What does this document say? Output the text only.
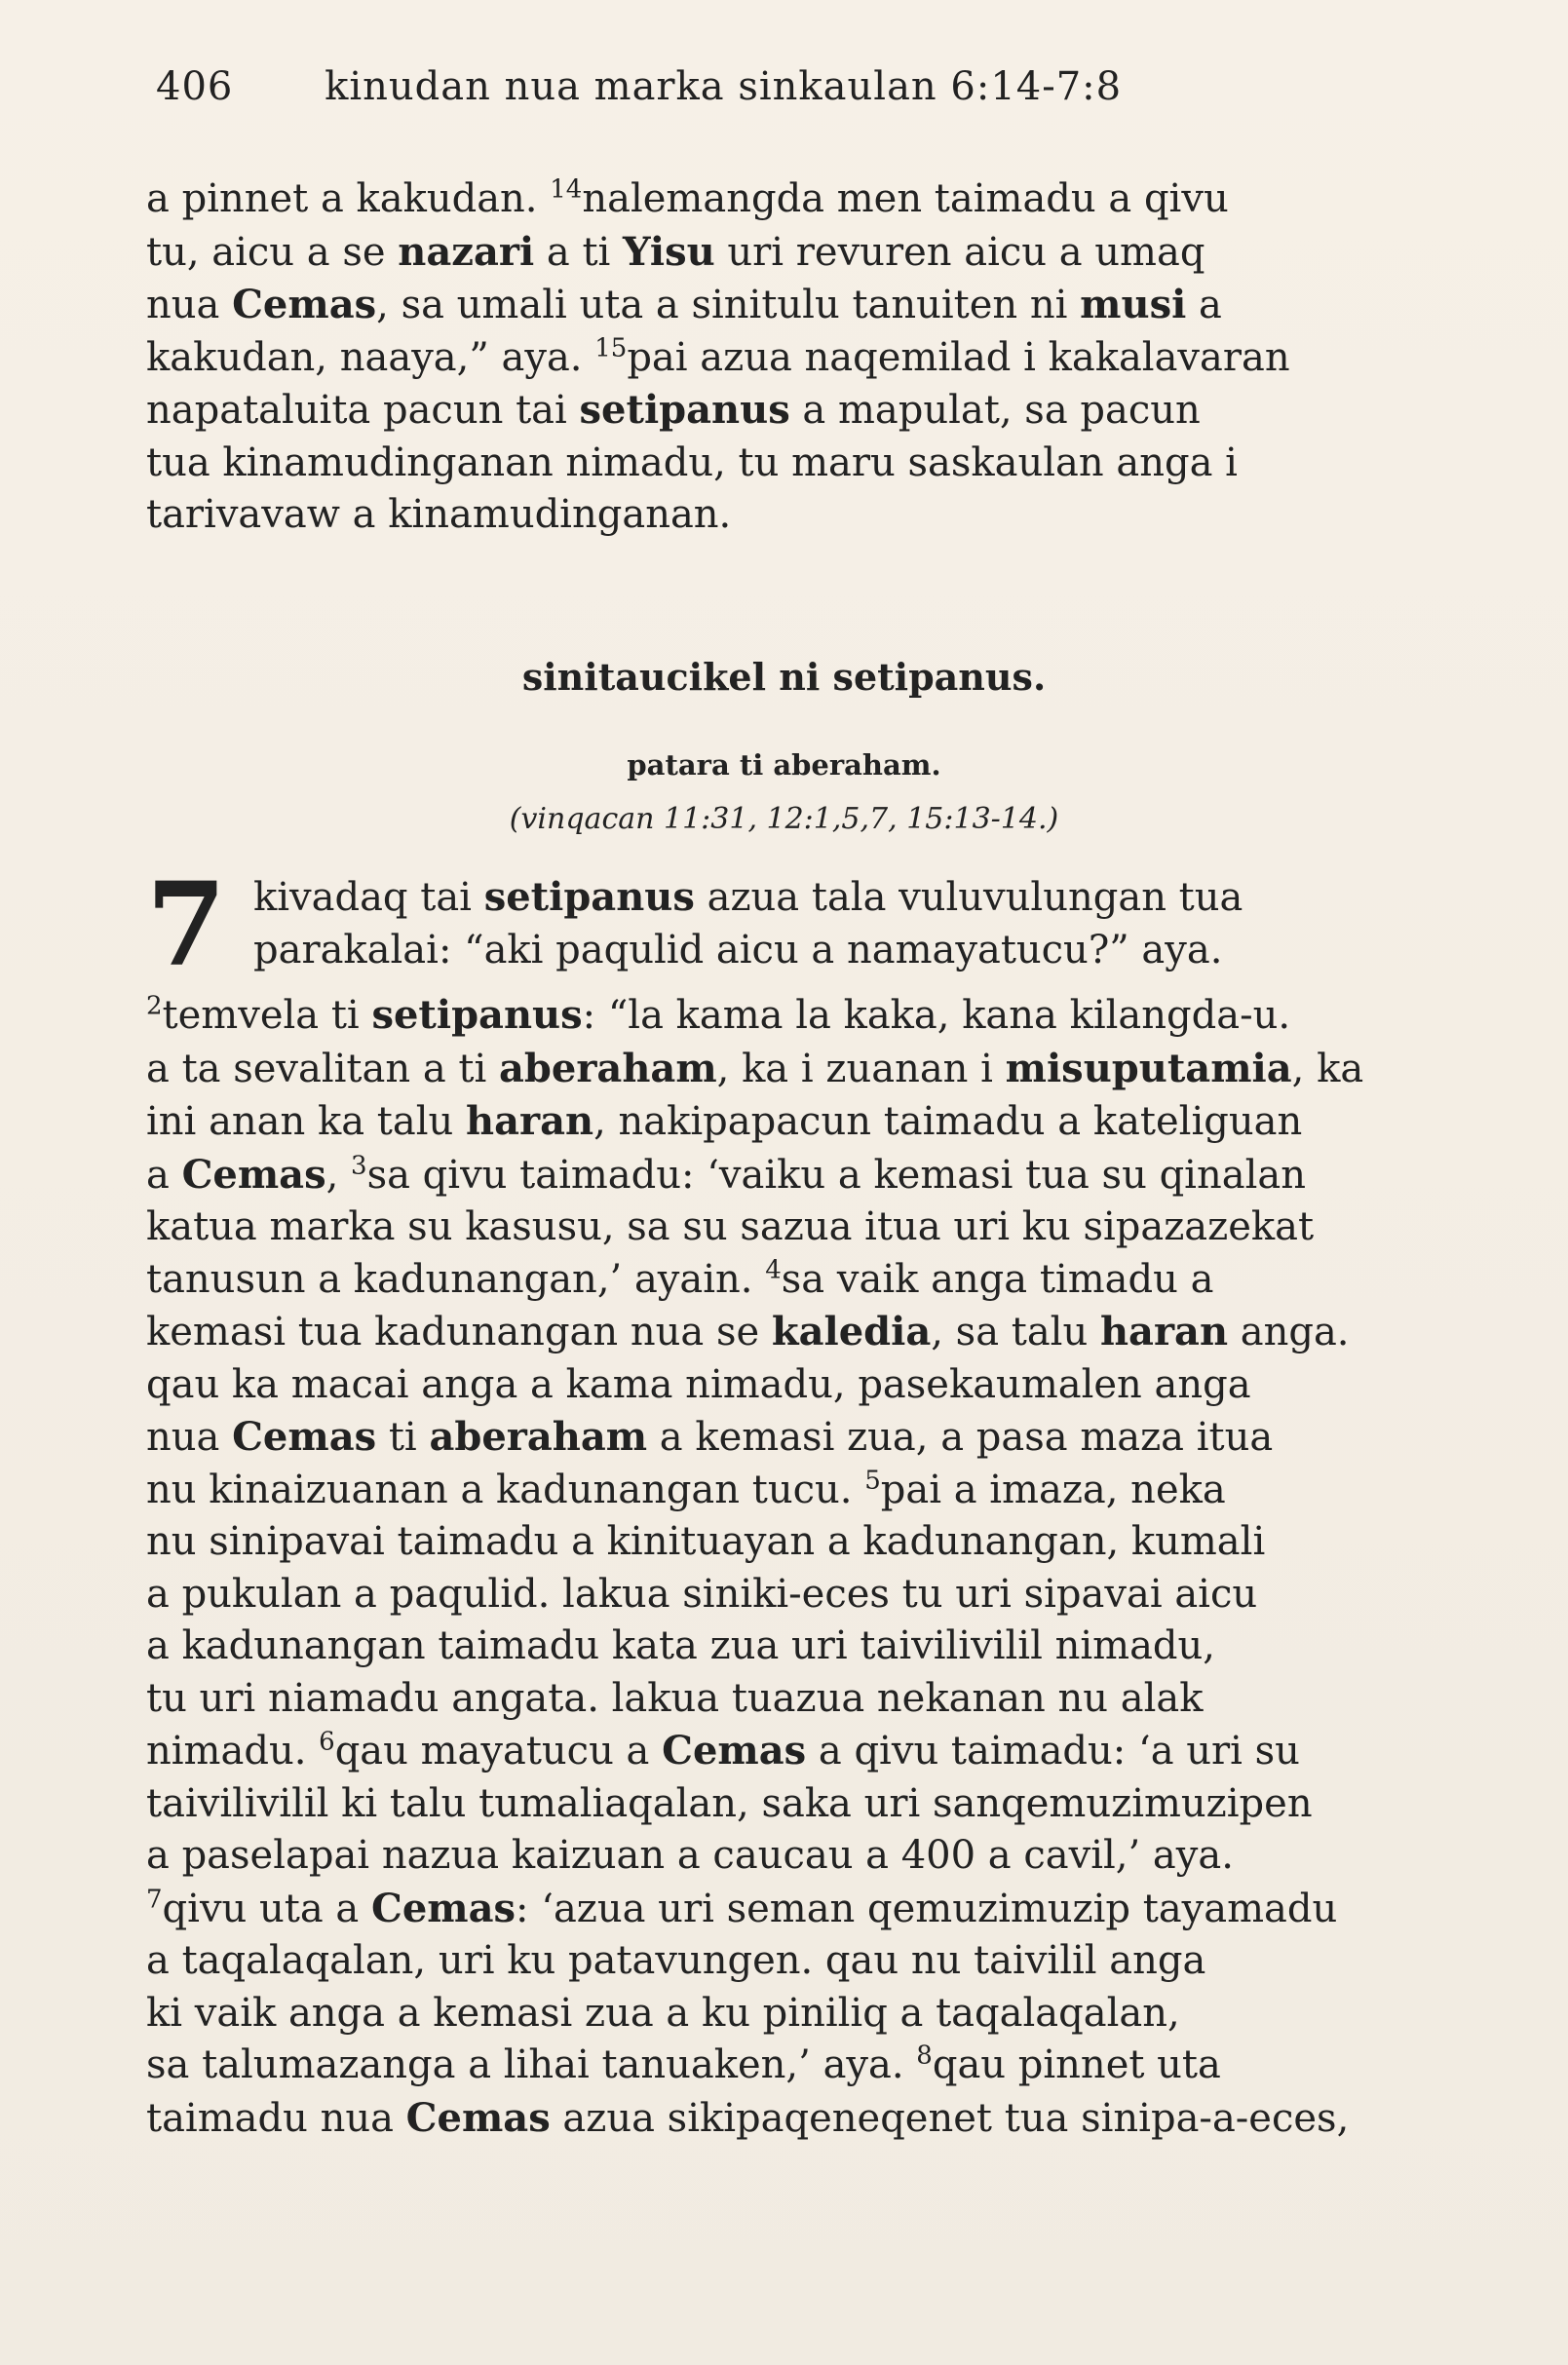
406 kinudan nua marka sinkaulan 6:14-7:8
a pinnet a kakudan. $^{14}$nalemangda men taimadu a qivu
tu, aicu a se nazari a ti Yisu uri revuren aicu a umaq
nua Cemas, sa umali uta a sinitulu tanuiten ni musi a
kakudan, naaya,” aya. $^{15}$pai azua naqemilad i kakalavaran
napataluita pacun tai setipanus a mapulat, sa pacun
tua kinamudinganan nimadu, tu maru saskaulan anga i
tarivavaw a kinamudinganan.
sinitaucikel ni setipanus.
patara ti aberaham.
(vinqacan 11:31, 12:1,5,7, 15:13-14.)
7 kivadaq tai setipanus azua tala vuluvulungan tua
parakalai: “aki paqulid aicu a namayatucu?” aya.
$^2$temvela ti setipanus: “la kama la kaka, kana kilangda-u.
a ta sevalitan a ti aberaham, ka i zuanan i misuputamia, ka
ini anan ka talu haran, nakipapacun taimadu a kateliguan
a Cemas, $^3$sa qivu taimadu: ‘vaiku a kemasi tua su qinalan
katua marka su kasusu, sa su sazua itua uri ku sipazazekat
tanusun a kadunangan,’ ayain. $^4$sa vaik anga timadu a
kemasi tua kadunangan nua se kaledia, sa talu haran anga.
qau ka macai anga a kama nimadu, pasekaumalen anga
nua Cemas ti aberaham a kemasi zua, a pasa maza itua
nu kinaizuanan a kadunangan tucu. $^5$pai a imaza, neka
nu sinipavai taimadu a kinituayan a kadunangan, kumali
a pukulan a paqulid. lakua siniki-eces tu uri sipavai aicu
a kadunangan taimadu kata zua uri taivilivilil nimadu,
tu uri niamadu angata. lakua tuazua nekanan nu alak
nimadu. $^6$qau mayatucu a Cemas a qivu taimadu: ‘a uri su
taivilivilil ki talu tumaliaqalan, saka uri sanqemuzimuzipen
a paselapai nazua kaizuan a caucau a 400 a cavil,’ aya.
$^7$qivu uta a Cemas: ‘azua uri seman qemuzimuzip tayamadu
a taqalaqalan, uri ku patavungen. qau nu taivilil anga
ki vaik anga a kemasi zua a ku piniliq a taqalaqalan,
sa talumazanga a lihai tanuaken,’ aya. $^8$qau pinnet uta
taimadu nua Cemas azua sikipaqeneqenet tua sinipa-a-eces,
